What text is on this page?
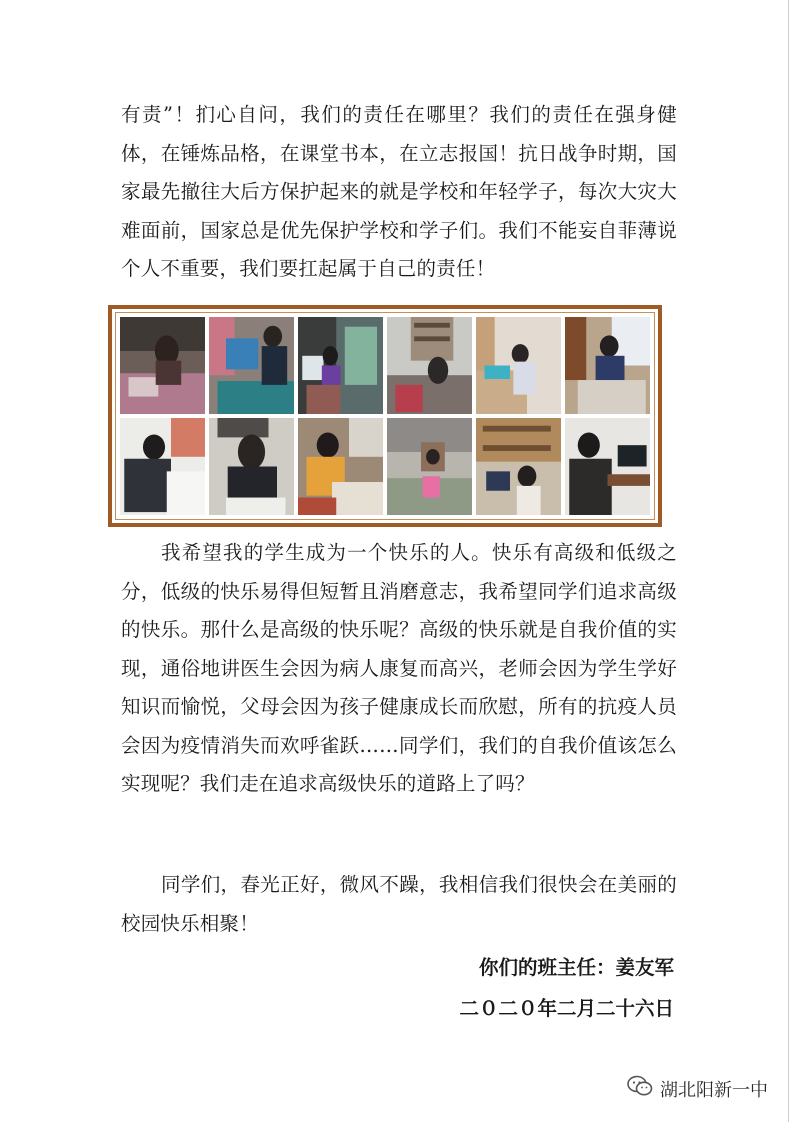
有责”！扪心自问，我们的责任在哪里？我们的责任在强身健体，在锤炼品格，在课堂书本，在立志报国！抗日战争时期，国家最先撤往大后方保护起来的就是学校和年轻学子，每次大灾大难面前，国家总是优先保护学校和学子们。我们不能妄自菲薄说个人不重要，我们要扛起属于自己的责任！

我希望我的学生成为一个快乐的人。快乐有高级和低级之分，低级的快乐易得但短暂且消磨意志，我希望同学们追求高级的快乐。那什么是高级的快乐呢？高级的快乐就是自我价值的实现，通俗地讲医生会因为病人康复而高兴，老师会因为学生学好知识而愉悦，父母会因为孩子健康成长而欣慰，所有的抗疫人员会因为疫情消失而欢呼雀跃……同学们，我们的自我价值该怎么实现呢？我们走在追求高级快乐的道路上了吗？

同学们，春光正好，微风不躁，我相信我们很快会在美丽的校园快乐相聚！

你们的班主任：姜友军
二０二０年二月二十六日
湖北阳新一中
